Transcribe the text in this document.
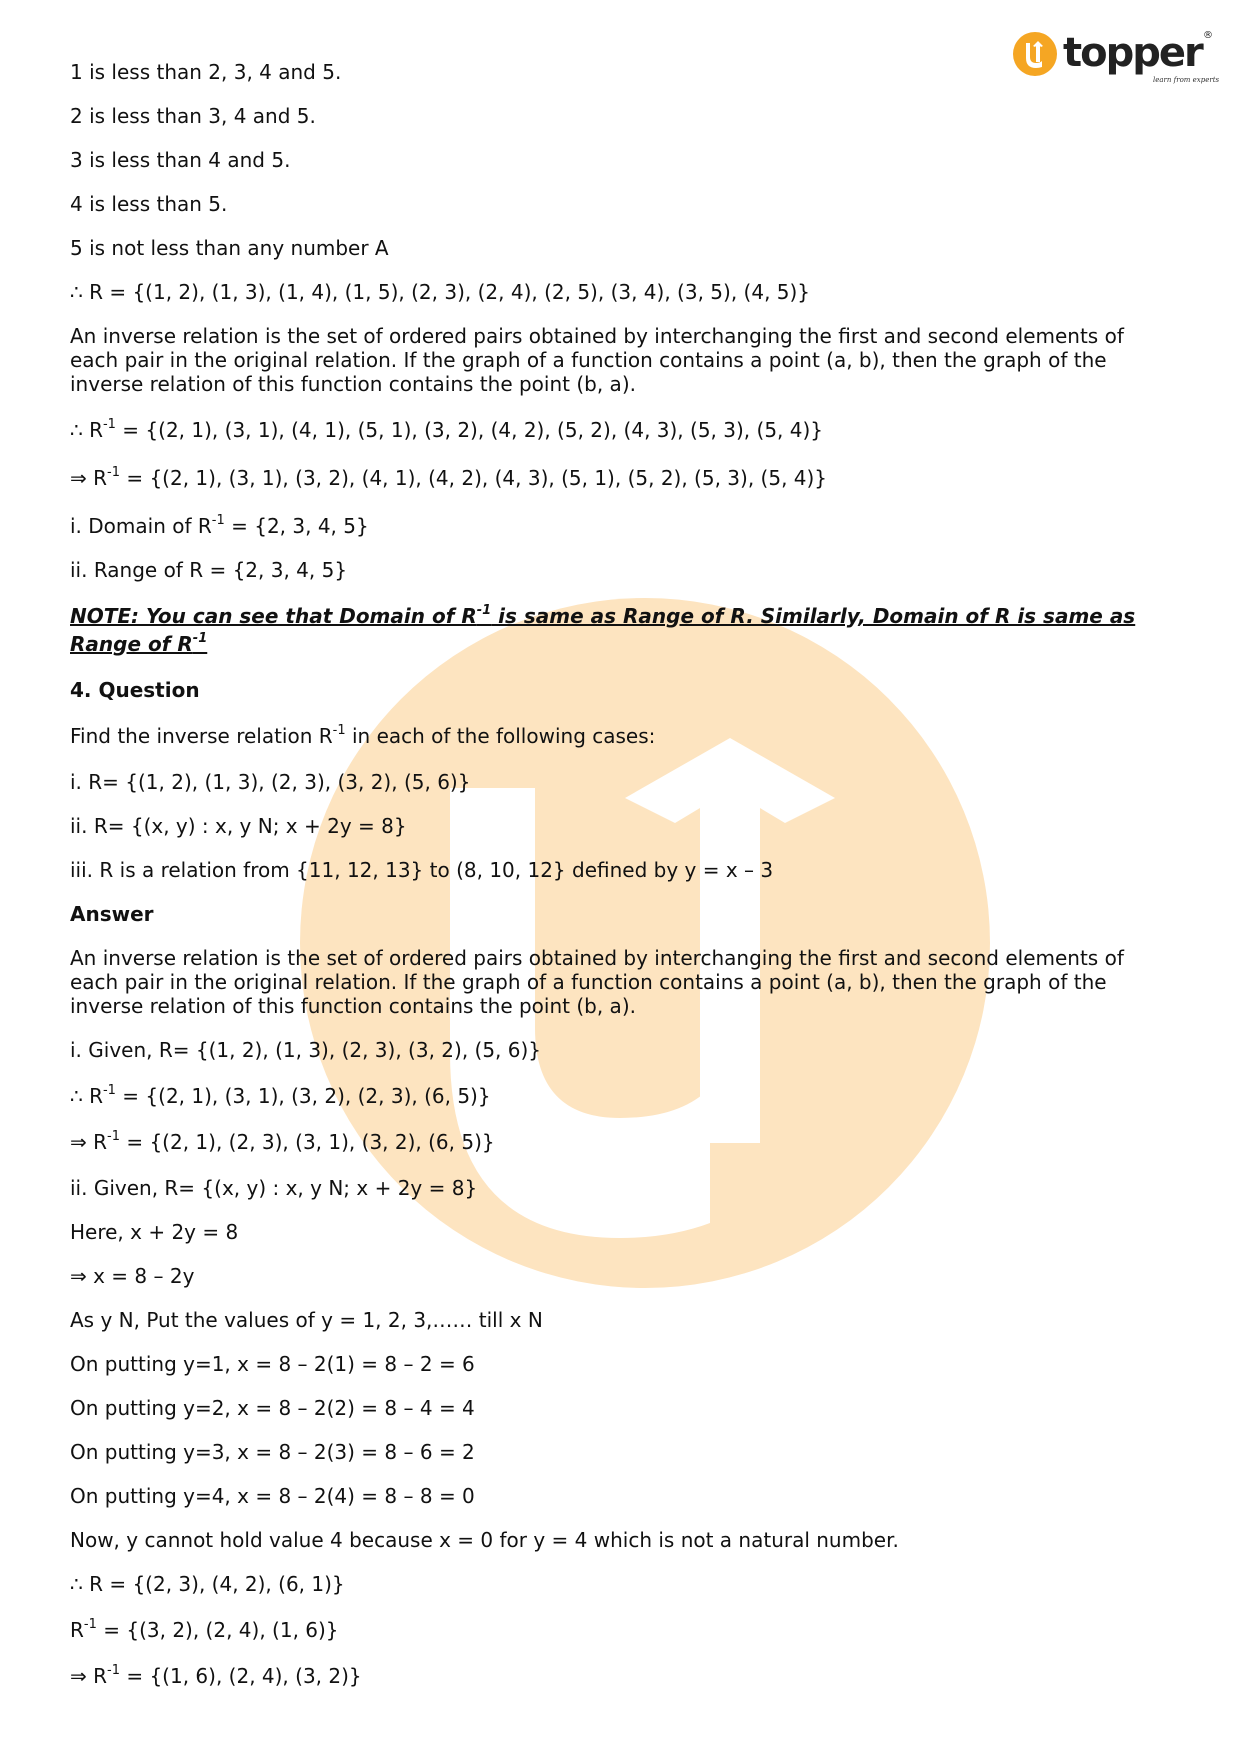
topper ®
learn from experts
1 is less than 2, 3, 4 and 5.
2 is less than 3, 4 and 5.
3 is less than 4 and 5.
4 is less than 5.
5 is not less than any number A
∴ R = {(1, 2), (1, 3), (1, 4), (1, 5), (2, 3), (2, 4), (2, 5), (3, 4), (3, 5), (4, 5)}
An inverse relation is the set of ordered pairs obtained by interchanging the first and second elements of each pair in the original relation. If the graph of a function contains a point (a, b), then the graph of the inverse relation of this function contains the point (b, a).
∴ $R^{-1} = \{(2$, 1), (3, 1), (4, 1), (5, 1), (3, 2), (4, 2), (5, 2), (4, 3), (5, 3), (5, 4)}
⇒ $R^{-1} = \{(2$, 1), (3, 1), (3, 2), (4, 1), (4, 2), (4, 3), (5, 1), (5, 2), (5, 3), (5, 4)}
i. Domain of $R^{-1} = \{2$, 3, 4, 5}
ii. Range of R = {2, 3, 4, 5}
NOTE: You can see that Domain of $R^{-1}$ is same as Range of R. Similarly, Domain of R is same as Range of $R^{-1}$
4. Question
Find the inverse relation $R^{-1}$ in each of the following cases:
i. R= {(1, 2), (1, 3), (2, 3), (3, 2), (5, 6)}
ii. R= {(x, y) : x, y N; x + 2y = 8}
iii. R is a relation from {11, 12, 13} to (8, 10, 12} defined by y = x – 3
Answer
An inverse relation is the set of ordered pairs obtained by interchanging the first and second elements of each pair in the original relation. If the graph of a function contains a point (a, b), then the graph of the inverse relation of this function contains the point (b, a).
i. Given, R= {(1, 2), (1, 3), (2, 3), (3, 2), (5, 6)}
∴ $R^{-1} = \{(2$, 1), (3, 1), (3, 2), (2, 3), (6, 5)}
⇒ $R^{-1} = \{(2$, 1), (2, 3), (3, 1), (3, 2), (6, 5)}
ii. Given, R= {(x, y) : x, y N; x + 2y = 8}
Here, x + 2y = 8
⇒ x = 8 – 2y
As y N, Put the values of y = 1, 2, 3,…… till x N
On putting y=1, x = 8 – 2(1) = 8 – 2 = 6
On putting y=2, x = 8 – 2(2) = 8 – 4 = 4
On putting y=3, x = 8 – 2(3) = 8 – 6 = 2
On putting y=4, x = 8 – 2(4) = 8 – 8 = 0
Now, y cannot hold value 4 because x = 0 for y = 4 which is not a natural number.
∴ R = {(2, 3), (4, 2), (6, 1)}
$R^{-1} = \{(3$, 2), (2, 4), (1, 6)}
⇒ $R^{-1} = \{(1$, 6), (2, 4), (3, 2)}
